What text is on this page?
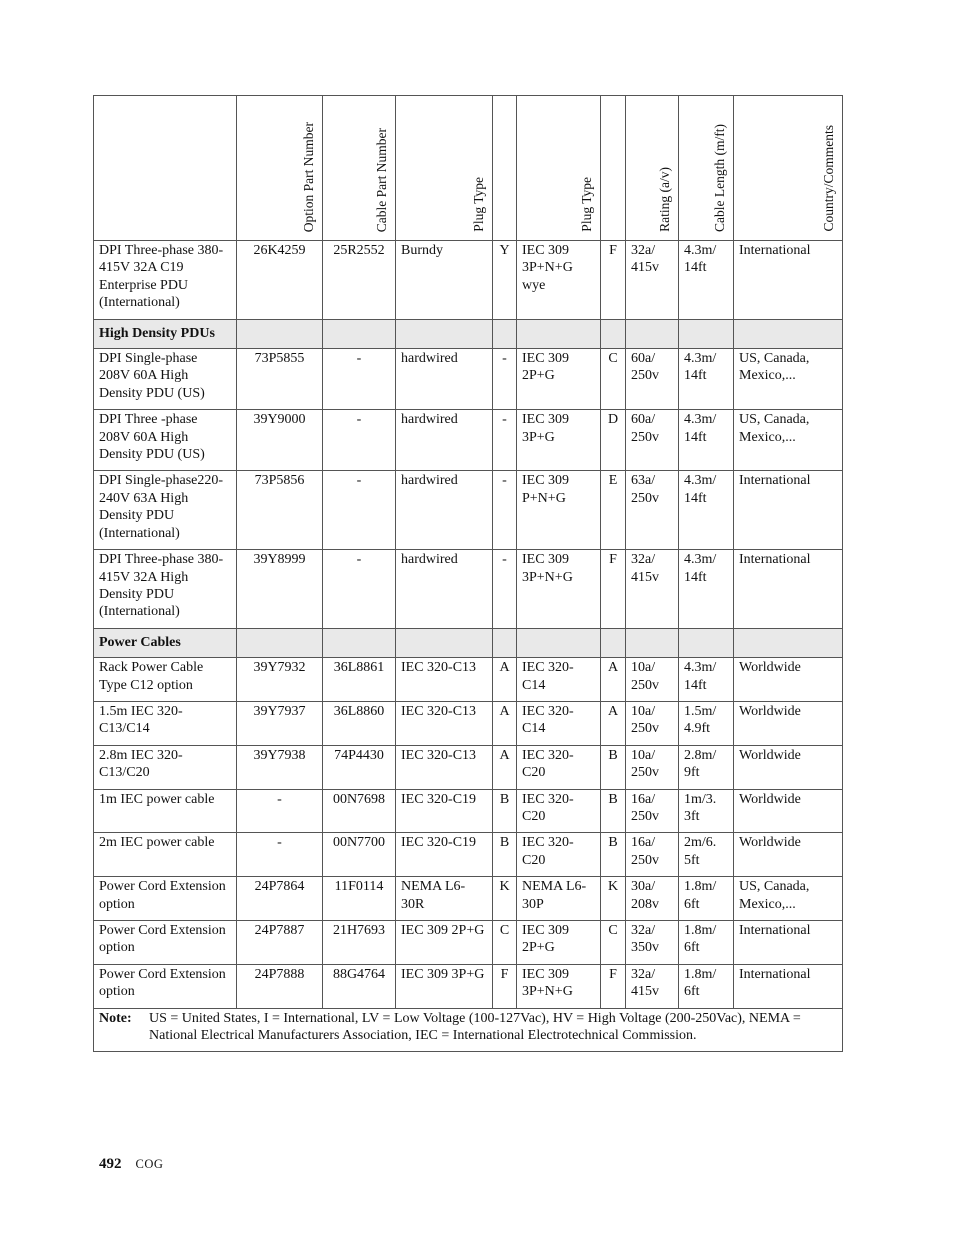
	Option Part Number	Cable Part Number	Plug Type		Plug Type		Rating (a/v)	Cable Length (m/ft)	Country/Comments

DPI Three-phase 380-415V 32A C19 Enterprise PDU (International)	26K4259	25R2552	Burndy	Y	IEC 309 3P+N+G wye	F	32a/ 415v	4.3m/ 14ft	International
High Density PDUs									
DPI Single-phase 208V 60A High Density PDU (US)	73P5855	-	hardwired	-	IEC 309 2P+G	C	60a/ 250v	4.3m/ 14ft	US, Canada, Mexico,...
DPI Three -phase 208V 60A High Density PDU (US)	39Y9000	-	hardwired	-	IEC 309 3P+G	D	60a/ 250v	4.3m/ 14ft	US, Canada, Mexico,...
DPI Single-phase220-240V 63A High Density PDU (International)	73P5856	-	hardwired	-	IEC 309 P+N+G	E	63a/ 250v	4.3m/ 14ft	International
DPI Three-phase 380-415V 32A High Density PDU (International)	39Y8999	-	hardwired	-	IEC 309 3P+N+G	F	32a/ 415v	4.3m/ 14ft	International
Power Cables									
Rack Power Cable Type C12 option	39Y7932	36L8861	IEC 320-C13	A	IEC 320- C14	A	10a/ 250v	4.3m/ 14ft	Worldwide
1.5m IEC 320- C13/C14	39Y7937	36L8860	IEC 320-C13	A	IEC 320- C14	A	10a/ 250v	1.5m/ 4.9ft	Worldwide
2.8m IEC 320- C13/C20	39Y7938	74P4430	IEC 320-C13	A	IEC 320- C20	B	10a/ 250v	2.8m/ 9ft	Worldwide
1m IEC power cable	-	00N7698	IEC 320-C19	B	IEC 320- C20	B	16a/ 250v	1m/3. 3ft	Worldwide
2m IEC power cable	-	00N7700	IEC 320-C19	B	IEC 320- C20	B	16a/ 250v	2m/6. 5ft	Worldwide
Power Cord Extension option	24P7864	11F0114	NEMA L6- 30R	K	NEMA L6- 30P	K	30a/ 208v	1.8m/ 6ft	US, Canada, Mexico,...
Power Cord Extension option	24P7887	21H7693	IEC 309 2P+G	C	IEC 309 2P+G	C	32a/ 350v	1.8m/ 6ft	International
Power Cord Extension option	24P7888	88G4764	IEC 309 3P+G	F	IEC 309 3P+N+G	F	32a/ 415v	1.8m/ 6ft	International

Note: US = United States, I = International, LV = Low Voltage (100-127Vac), HV = High Voltage (200-250Vac), NEMA = National Electrical Manufacturers Association, IEC = International Electrotechnical Commission.									
492 COG
